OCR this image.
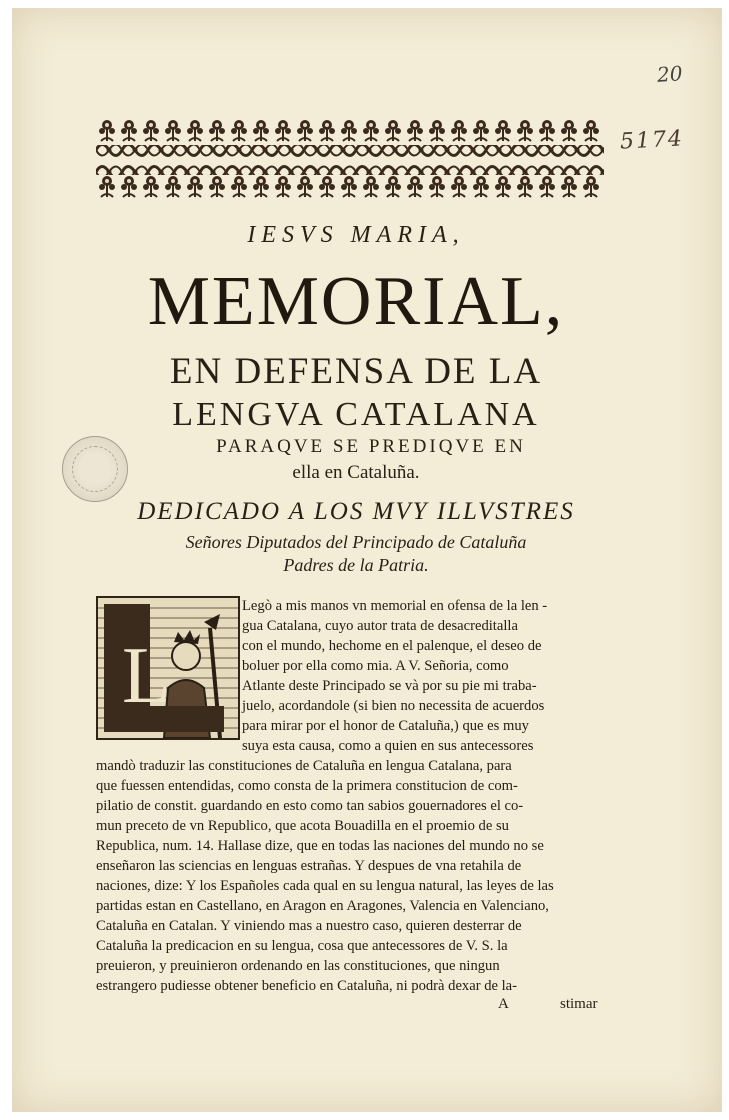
20
5174
IESVS MARIA,
MEMORIAL,
EN DEFENSA DE LA
LENGVA CATALANA
PARAQVE SE PREDIQVE EN
ella en Cataluña.
DEDICADO A LOS MVY ILLVSTRES
Señores Diputados del Principado de Cataluña
Padres de la Patria.
L
Legò a mis manos vn memorial en ofensa de la len -
gua Catalana, cuyo autor trata de desacreditalla
con el mundo, hechome en el palenque, el deseo de
boluer por ella como mia. A V. Señoria, como
Atlante deste Principado se và por su pie mi traba-
juelo, acordandole (si bien no necessita de acuerdos
para mirar por el honor de Cataluña,) que es muy
suya esta causa, como a quien en sus antecessores
mandò traduzir las constituciones de Cataluña en lengua Catalana, para
que fuessen entendidas, como consta de la primera constitucion de com-
pilatio de constit. guardando en esto como tan sabios gouernadores el co-
mun preceto de vn Republico, que acota Bouadilla en el proemio de su
Republica, num. 14. Hallase dize, que en todas las naciones del mundo no se
enseñaron las sciencias en lenguas estrañas. Y despues de vna retahila de
naciones, dize: Y los Españoles cada qual en su lengua natural, las leyes de las
partidas estan en Castellano, en Aragon en Aragones, Valencia en Valenciano,
Cataluña en Catalan. Y viniendo mas a nuestro caso, quieren desterrar de
Cataluña la predicacion en su lengua, cosa que antecessores de V. S. la
preuieron, y preuinieron ordenando en las constituciones, que ningun
estrangero pudiesse obtener beneficio en Cataluña, ni podrà dexar de la-
A	stimar
